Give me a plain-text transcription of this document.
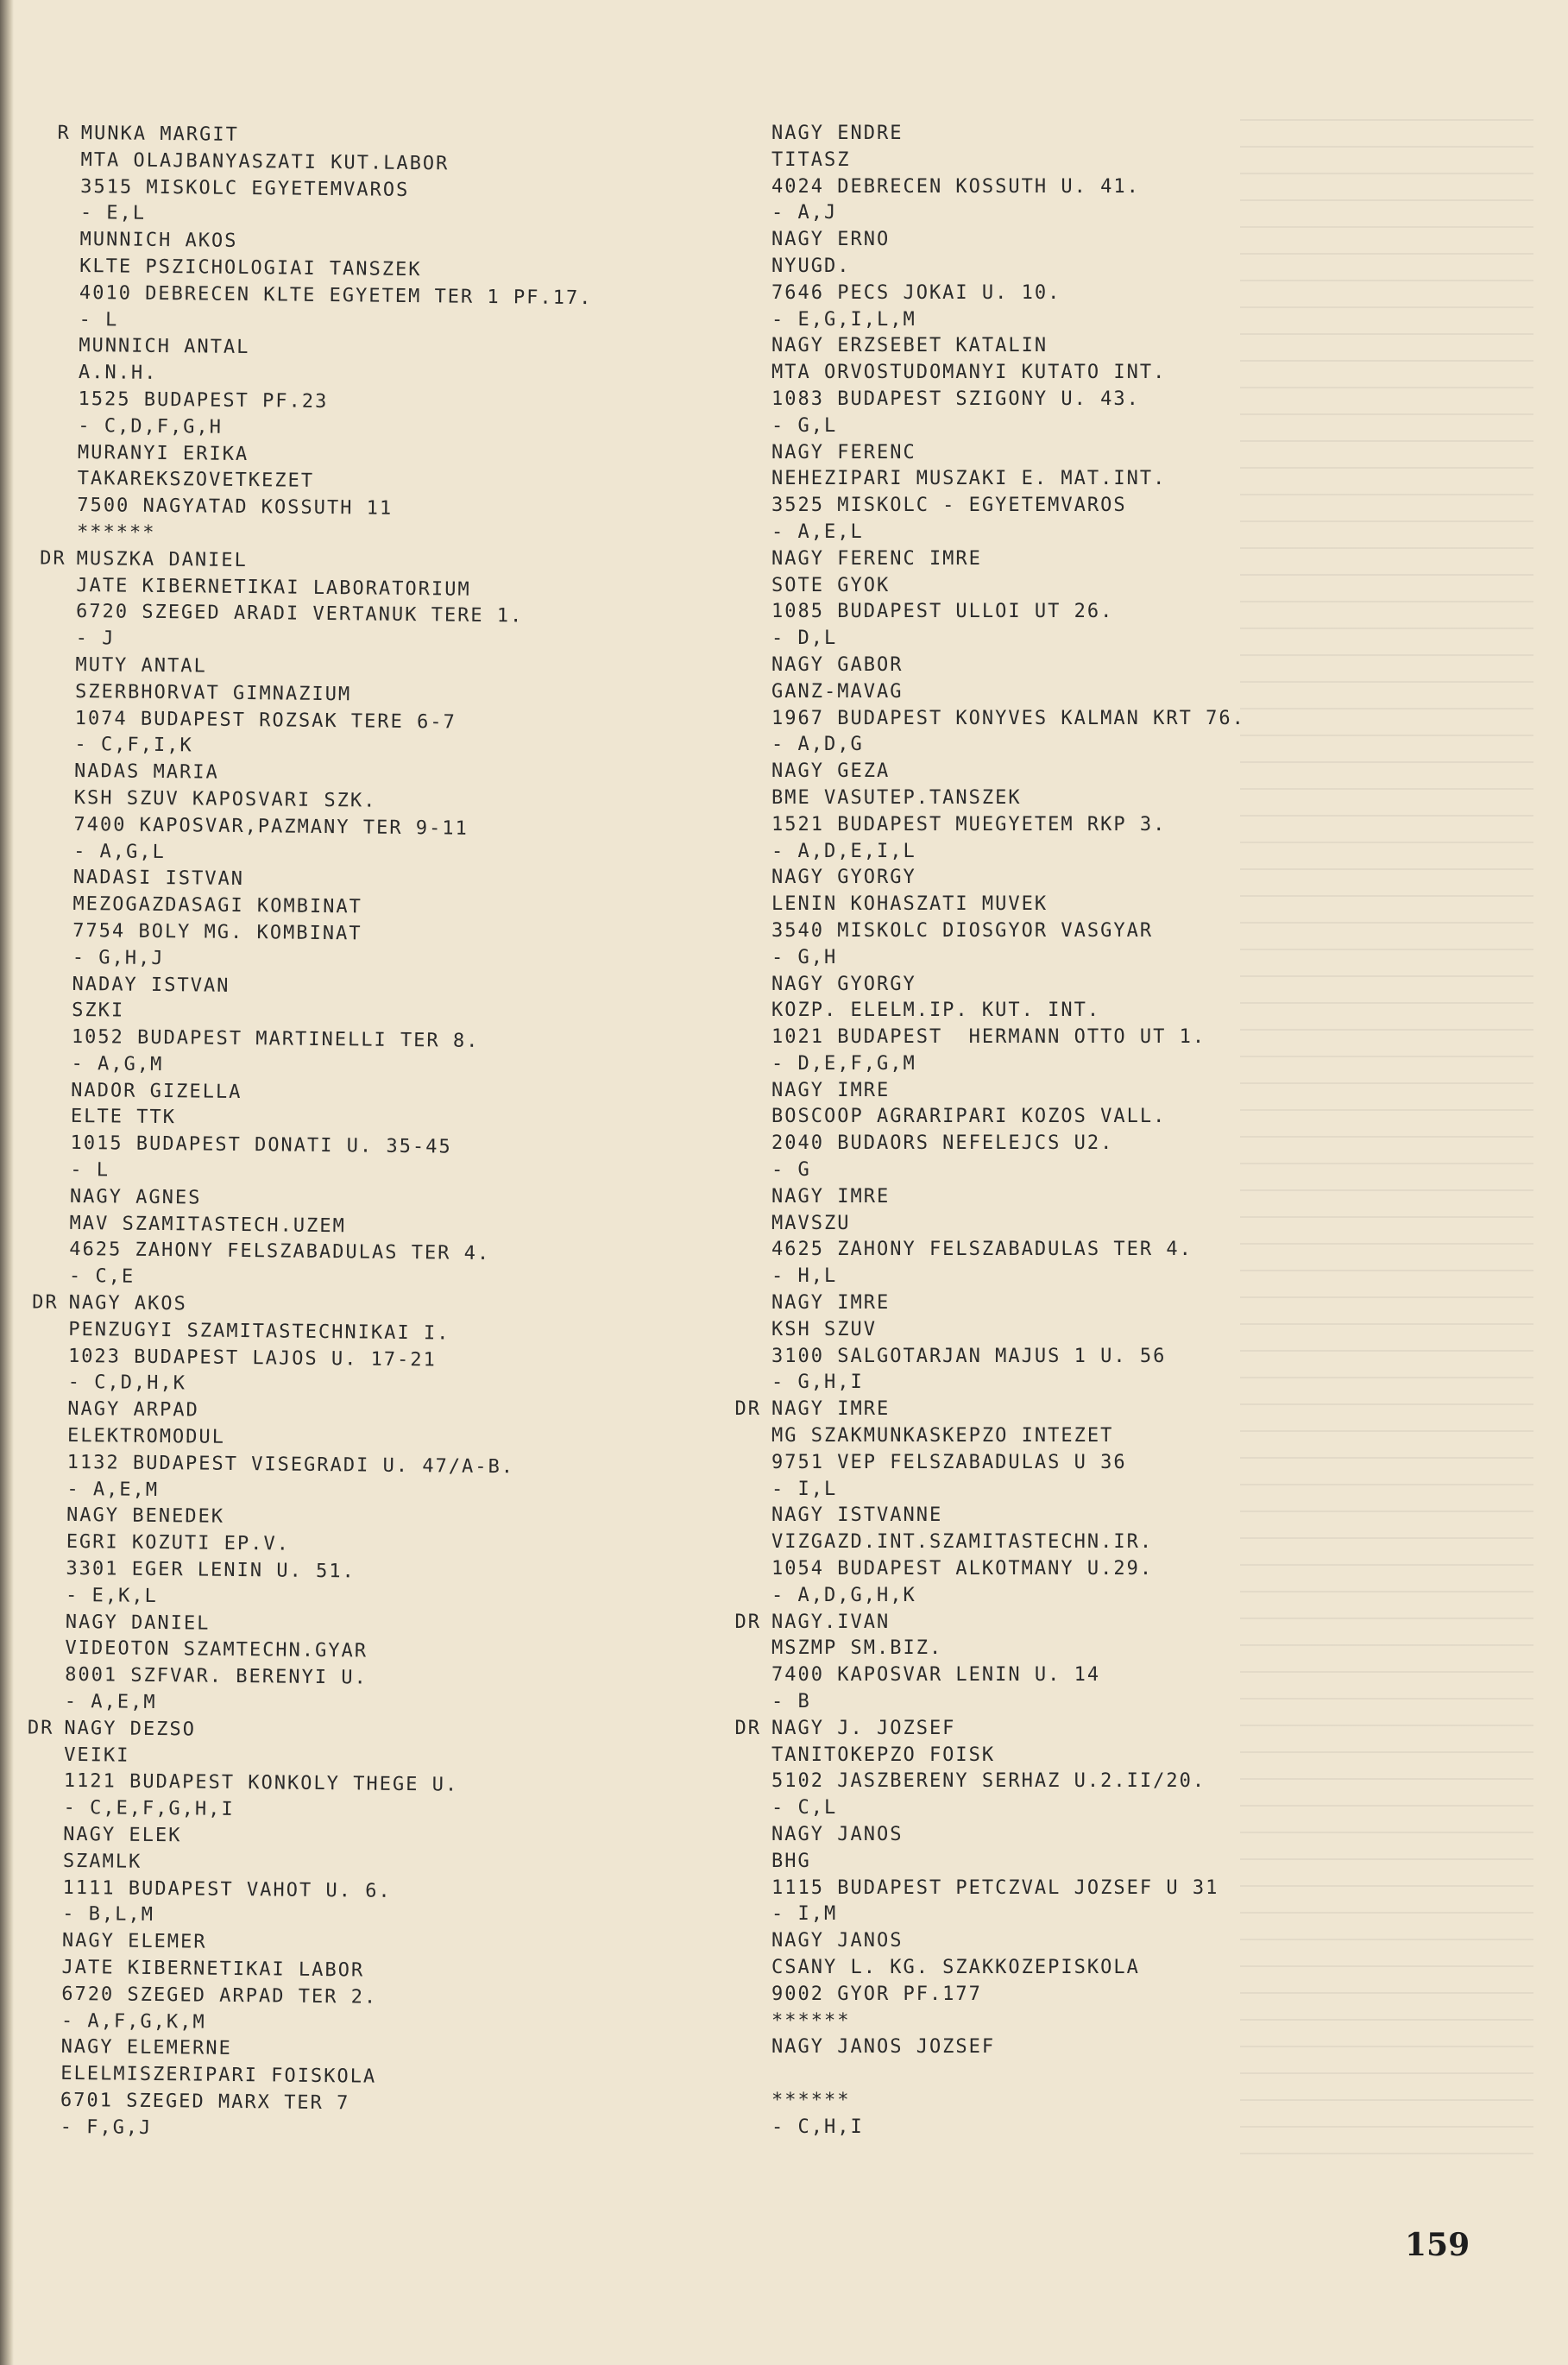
R MUNKA MARGIT
MTA OLAJBANYASZATI KUT.LABOR
3515 MISKOLC EGYETEMVAROS
- E,L
MUNNICH AKOS
KLTE PSZICHOLOGIAI TANSZEK
4010 DEBRECEN KLTE EGYETEM TER 1 PF.17.
- L
MUNNICH ANTAL
A.N.H.
1525 BUDAPEST PF.23
- C,D,F,G,H
MURANYI ERIKA
TAKAREKSZOVETKEZET
7500 NAGYATAD KOSSUTH 11
******
DR MUSZKA DANIEL
JATE KIBERNETIKAI LABORATORIUM
6720 SZEGED ARADI VERTANUK TERE 1.
- J
MUTY ANTAL
SZERBHORVAT GIMNAZIUM
1074 BUDAPEST ROZSAK TERE 6-7
- C,F,I,K
NADAS MARIA
KSH SZUV KAPOSVARI SZK.
7400 KAPOSVAR,PAZMANY TER 9-11
- A,G,L
NADASI ISTVAN
MEZOGAZDASAGI KOMBINAT
7754 BOLY MG. KOMBINAT
- G,H,J
NADAY ISTVAN
SZKI
1052 BUDAPEST MARTINELLI TER 8.
- A,G,M
NADOR GIZELLA
ELTE TTK
1015 BUDAPEST DONATI U. 35-45
- L
NAGY AGNES
MAV SZAMITASTECH.UZEM
4625 ZAHONY FELSZABADULAS TER 4.
- C,E
DR NAGY AKOS
PENZUGYI SZAMITASTECHNIKAI I.
1023 BUDAPEST LAJOS U. 17-21
- C,D,H,K
NAGY ARPAD
ELEKTROMODUL
1132 BUDAPEST VISEGRADI U. 47/A-B.
- A,E,M
NAGY BENEDEK
EGRI KOZUTI EP.V.
3301 EGER LENIN U. 51.
- E,K,L
NAGY DANIEL
VIDEOTON SZAMTECHN.GYAR
8001 SZFVAR. BERENYI U.
- A,E,M
DR NAGY DEZSO
VEIKI
1121 BUDAPEST KONKOLY THEGE U.
- C,E,F,G,H,I
NAGY ELEK
SZAMLK
1111 BUDAPEST VAHOT U. 6.
- B,L,M
NAGY ELEMER
JATE KIBERNETIKAI LABOR
6720 SZEGED ARPAD TER 2.
- A,F,G,K,M
NAGY ELEMERNE
ELELMISZERIPARI FOISKOLA
6701 SZEGED MARX TER 7
- F,G,J
NAGY ENDRE
TITASZ
4024 DEBRECEN KOSSUTH U. 41.
- A,J
NAGY ERNO
NYUGD.
7646 PECS JOKAI U. 10.
- E,G,I,L,M
NAGY ERZSEBET KATALIN
MTA ORVOSTUDOMANYI KUTATO INT.
1083 BUDAPEST SZIGONY U. 43.
- G,L
NAGY FERENC
NEHEZIPARI MUSZAKI E. MAT.INT.
3525 MISKOLC - EGYETEMVAROS
- A,E,L
NAGY FERENC IMRE
SOTE GYOK
1085 BUDAPEST ULLOI UT 26.
- D,L
NAGY GABOR
GANZ-MAVAG
1967 BUDAPEST KONYVES KALMAN KRT 76.
- A,D,G
NAGY GEZA
BME VASUTEP.TANSZEK
1521 BUDAPEST MUEGYETEM RKP 3.
- A,D,E,I,L
NAGY GYORGY
LENIN KOHASZATI MUVEK
3540 MISKOLC DIOSGYOR VASGYAR
- G,H
NAGY GYORGY
KOZP. ELELM.IP. KUT. INT.
1021 BUDAPEST  HERMANN OTTO UT 1.
- D,E,F,G,M
NAGY IMRE
BOSCOOP AGRARIPARI KOZOS VALL.
2040 BUDAORS NEFELEJCS U2.
- G
NAGY IMRE
MAVSZU
4625 ZAHONY FELSZABADULAS TER 4.
- H,L
NAGY IMRE
KSH SZUV
3100 SALGOTARJAN MAJUS 1 U. 56
- G,H,I
DR NAGY IMRE
MG SZAKMUNKASKEPZO INTEZET
9751 VEP FELSZABADULAS U 36
- I,L
NAGY ISTVANNE
VIZGAZD.INT.SZAMITASTECHN.IR.
1054 BUDAPEST ALKOTMANY U.29.
- A,D,G,H,K
DR NAGY.IVAN
MSZMP SM.BIZ.
7400 KAPOSVAR LENIN U. 14
- B
DR NAGY J. JOZSEF
TANITOKEPZO FOISK
5102 JASZBERENY SERHAZ U.2.II/20.
- C,L
NAGY JANOS
BHG
1115 BUDAPEST PETCZVAL JOZSEF U 31
- I,M
NAGY JANOS
CSANY L. KG. SZAKKOZEPISKOLA
9002 GYOR PF.177
******
NAGY JANOS JOZSEF
******
- C,H,I
159
